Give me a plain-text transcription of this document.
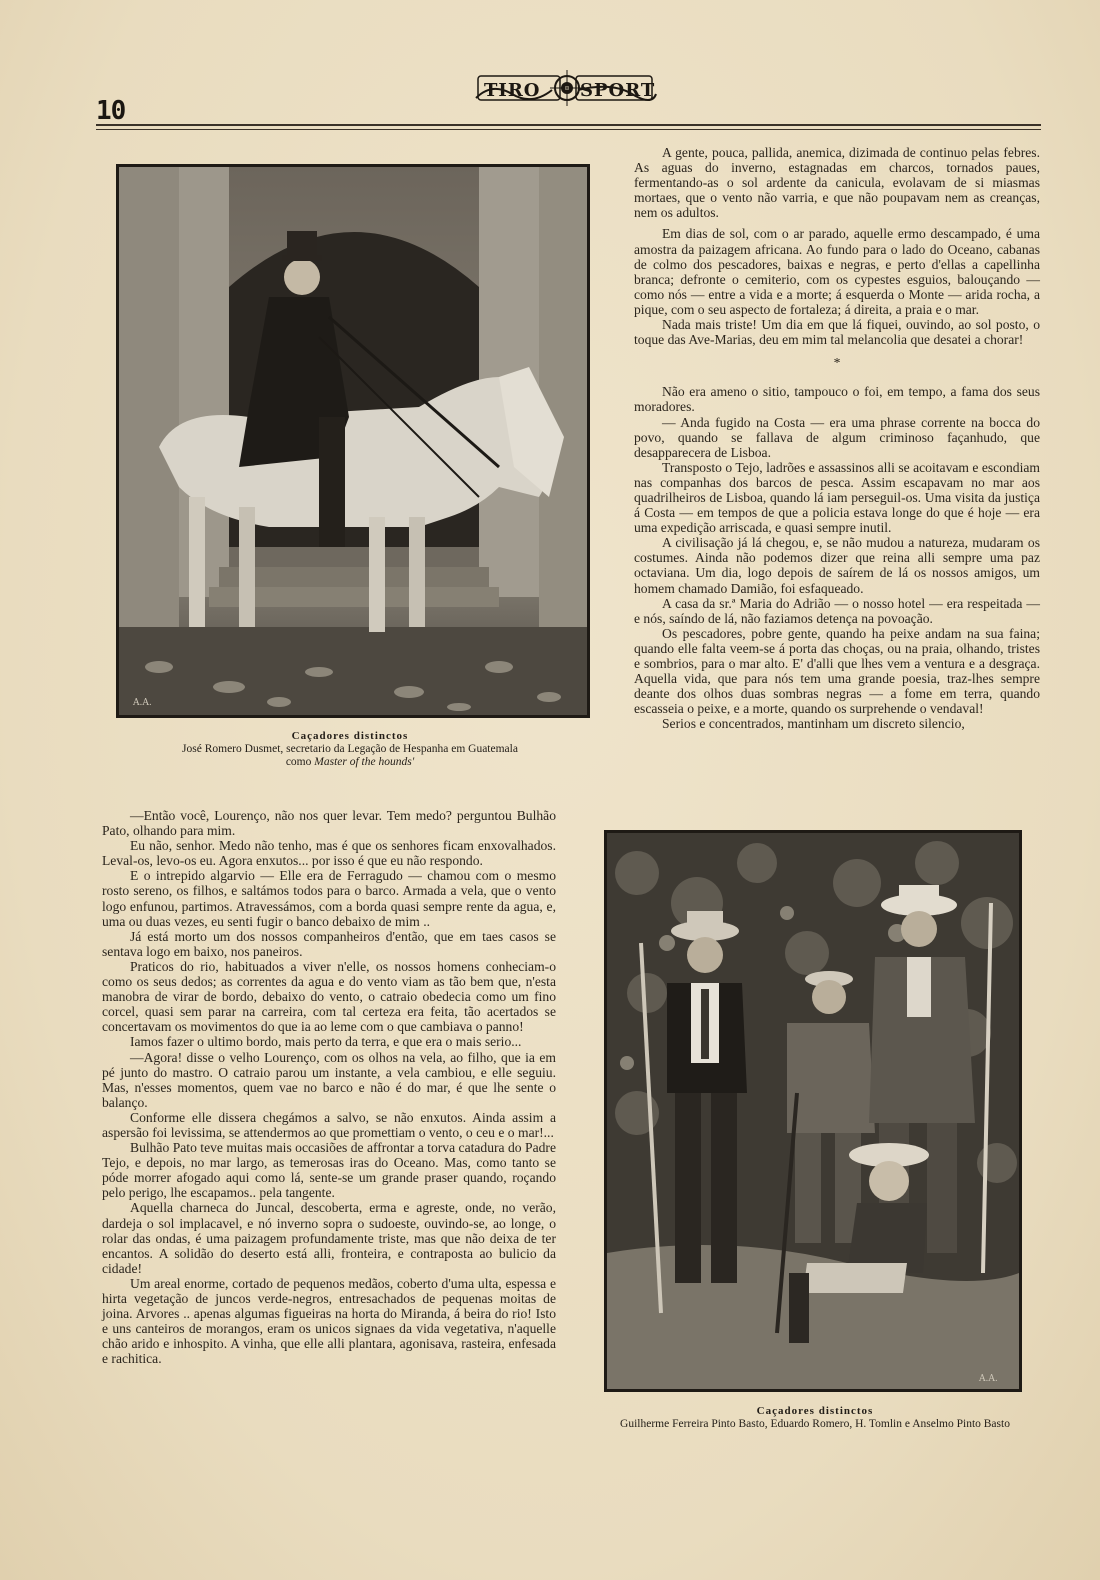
10
TIRO SPORT
A.A.
Caçadores distinctos
José Romero Dusmet, secretario da Legação de Hespanha em Guatemala
como Master of the hounds'

A gente, pouca, pallida, anemica, dizimada de continuo pelas febres. As aguas do inverno, estagnadas em charcos, tornados paues, fermentando-as o sol ardente da canicula, evolavam de si miasmas mortaes, que o vento não varria, e que não poupavam nem as creanças, nem os adultos.

Em dias de sol, com o ar parado, aquelle ermo descampado, é uma amostra da paizagem africana. Ao fundo para o lado do Oceano, cabanas de colmo dos pescadores, baixas e negras, e perto d'ellas a capellinha branca; defronte o cemiterio, com os cypestes esguios, balouçando — como nós — entre a vida e a morte; á esquerda o Monte — arida rocha, a pique, com o seu aspecto de fortaleza; á direita, a praia e o mar.

Nada mais triste! Um dia em que lá fiquei, ouvindo, ao sol posto, o toque das Ave-Marias, deu em mim tal melancolia que desatei a chorar!

*

Não era ameno o sitio, tampouco o foi, em tempo, a fama dos seus moradores.

— Anda fugido na Costa — era uma phrase corrente na bocca do povo, quando se fallava de algum criminoso façanhudo, que desapparecera de Lisboa.

Transposto o Tejo, ladrões e assassinos alli se acoitavam e escondiam nas companhas dos barcos de pesca. Assim escapavam no mar aos quadrilheiros de Lisboa, quando lá iam perseguil-os. Uma visita da justiça á Costa — em tempos de que a policia estava longe do que é hoje — era uma expedição arriscada, e quasi sempre inutil.

A civilisação já lá chegou, e, se não mudou a natureza, mudaram os costumes. Ainda não podemos dizer que reina alli sempre uma paz octaviana. Um dia, logo depois de saírem de lá os nossos amigos, um homem chamado Damião, foi esfaqueado.

A casa da sr.ª Maria do Adrião — o nosso hotel — era respeitada — e nós, saíndo de lá, não faziamos detença na povoação.

Os pescadores, pobre gente, quando ha peixe andam na sua faina; quando elle falta veem-se á porta das choças, ou na praia, olhando, tristes e sombrios, para o mar alto. E' d'alli que lhes vem a ventura e a desgraça. Aquella vida, que para nós tem uma grande poesia, traz-lhes sempre deante dos olhos duas sombras negras — a fome em terra, quando escasseia o peixe, e a morte, quando os surprehende o vendaval!

Serios e concentrados, mantinham um discreto silencio,

—Então você, Lourenço, não nos quer levar. Tem medo? perguntou Bulhão Pato, olhando para mim.

Eu não, senhor. Medo não tenho, mas é que os senhores ficam enxovalhados. Leval-os, levo-os eu. Agora enxutos... por isso é que eu não respondo.

E o intrepido algarvio — Elle era de Ferragudo — chamou com o mesmo rosto sereno, os filhos, e saltámos todos para o barco. Armada a vela, que o vento logo enfunou, partimos. Atravessámos, com a borda quasi sempre rente da agua, e, uma ou duas vezes, eu senti fugir o banco debaixo de mim ..

Já está morto um dos nossos companheiros d'então, que em taes casos se sentava logo em baixo, nos paneiros.

Praticos do rio, habituados a viver n'elle, os nossos homens conheciam-o como os seus dedos; as correntes da agua e do vento viam as tão bem que, n'esta manobra de virar de bordo, debaixo do vento, o catraio obedecia como um fino corcel, quasi sem parar na carreira, com tal certeza era feita, tão acertados se concertavam os movimentos do que ia ao leme com o que cambiava o panno!

Iamos fazer o ultimo bordo, mais perto da terra, e que era o mais serio...

—Agora! disse o velho Lourenço, com os olhos na vela, ao filho, que ia em pé junto do mastro. O catraio parou um instante, a vela cambiou, e elle seguiu. Mas, n'esses momentos, quem vae no barco e não é do mar, é que lhe sente o balanço.

Conforme elle dissera chegámos a salvo, se não enxutos. Ainda assim a aspersão foi levissima, se attendermos ao que promettiam o vento, o ceu e o mar!...

Bulhão Pato teve muitas mais occasiões de affrontar a torva catadura do Padre Tejo, e depois, no mar largo, as temerosas iras do Oceano. Mas, como tanto se póde morrer afogado aqui como lá, sente-se um grande praser quando, roçando pelo perigo, lhe escapamos.. pela tangente.

Aquella charneca do Juncal, descoberta, erma e agreste, onde, no verão, dardeja o sol implacavel, e nó inverno sopra o sudoeste, ouvindo-se, ao longe, o rolar das ondas, é uma paizagem profundamente triste, mas que não deixa de ter encantos. A solidão do deserto está alli, fronteira, e contraposta ao bulicio da cidade!

Um areal enorme, cortado de pequenos medãos, coberto d'uma ulta, espessa e hirta vegetação de juncos verde-negros, entresachados de pequenas moitas de joina. Arvores .. apenas algumas figueiras na horta do Miranda, á beira do rio! Isto e uns canteiros de morangos, eram os unicos signaes da vida vegetativa, n'aquelle chão arido e inhospito. A vinha, que elle alli plantara, agonisava, rasteira, enfesada e rachitica.

A.A.
Caçadores distinctos
Guilherme Ferreira Pinto Basto, Eduardo Romero, H. Tomlin e Anselmo Pinto Basto
